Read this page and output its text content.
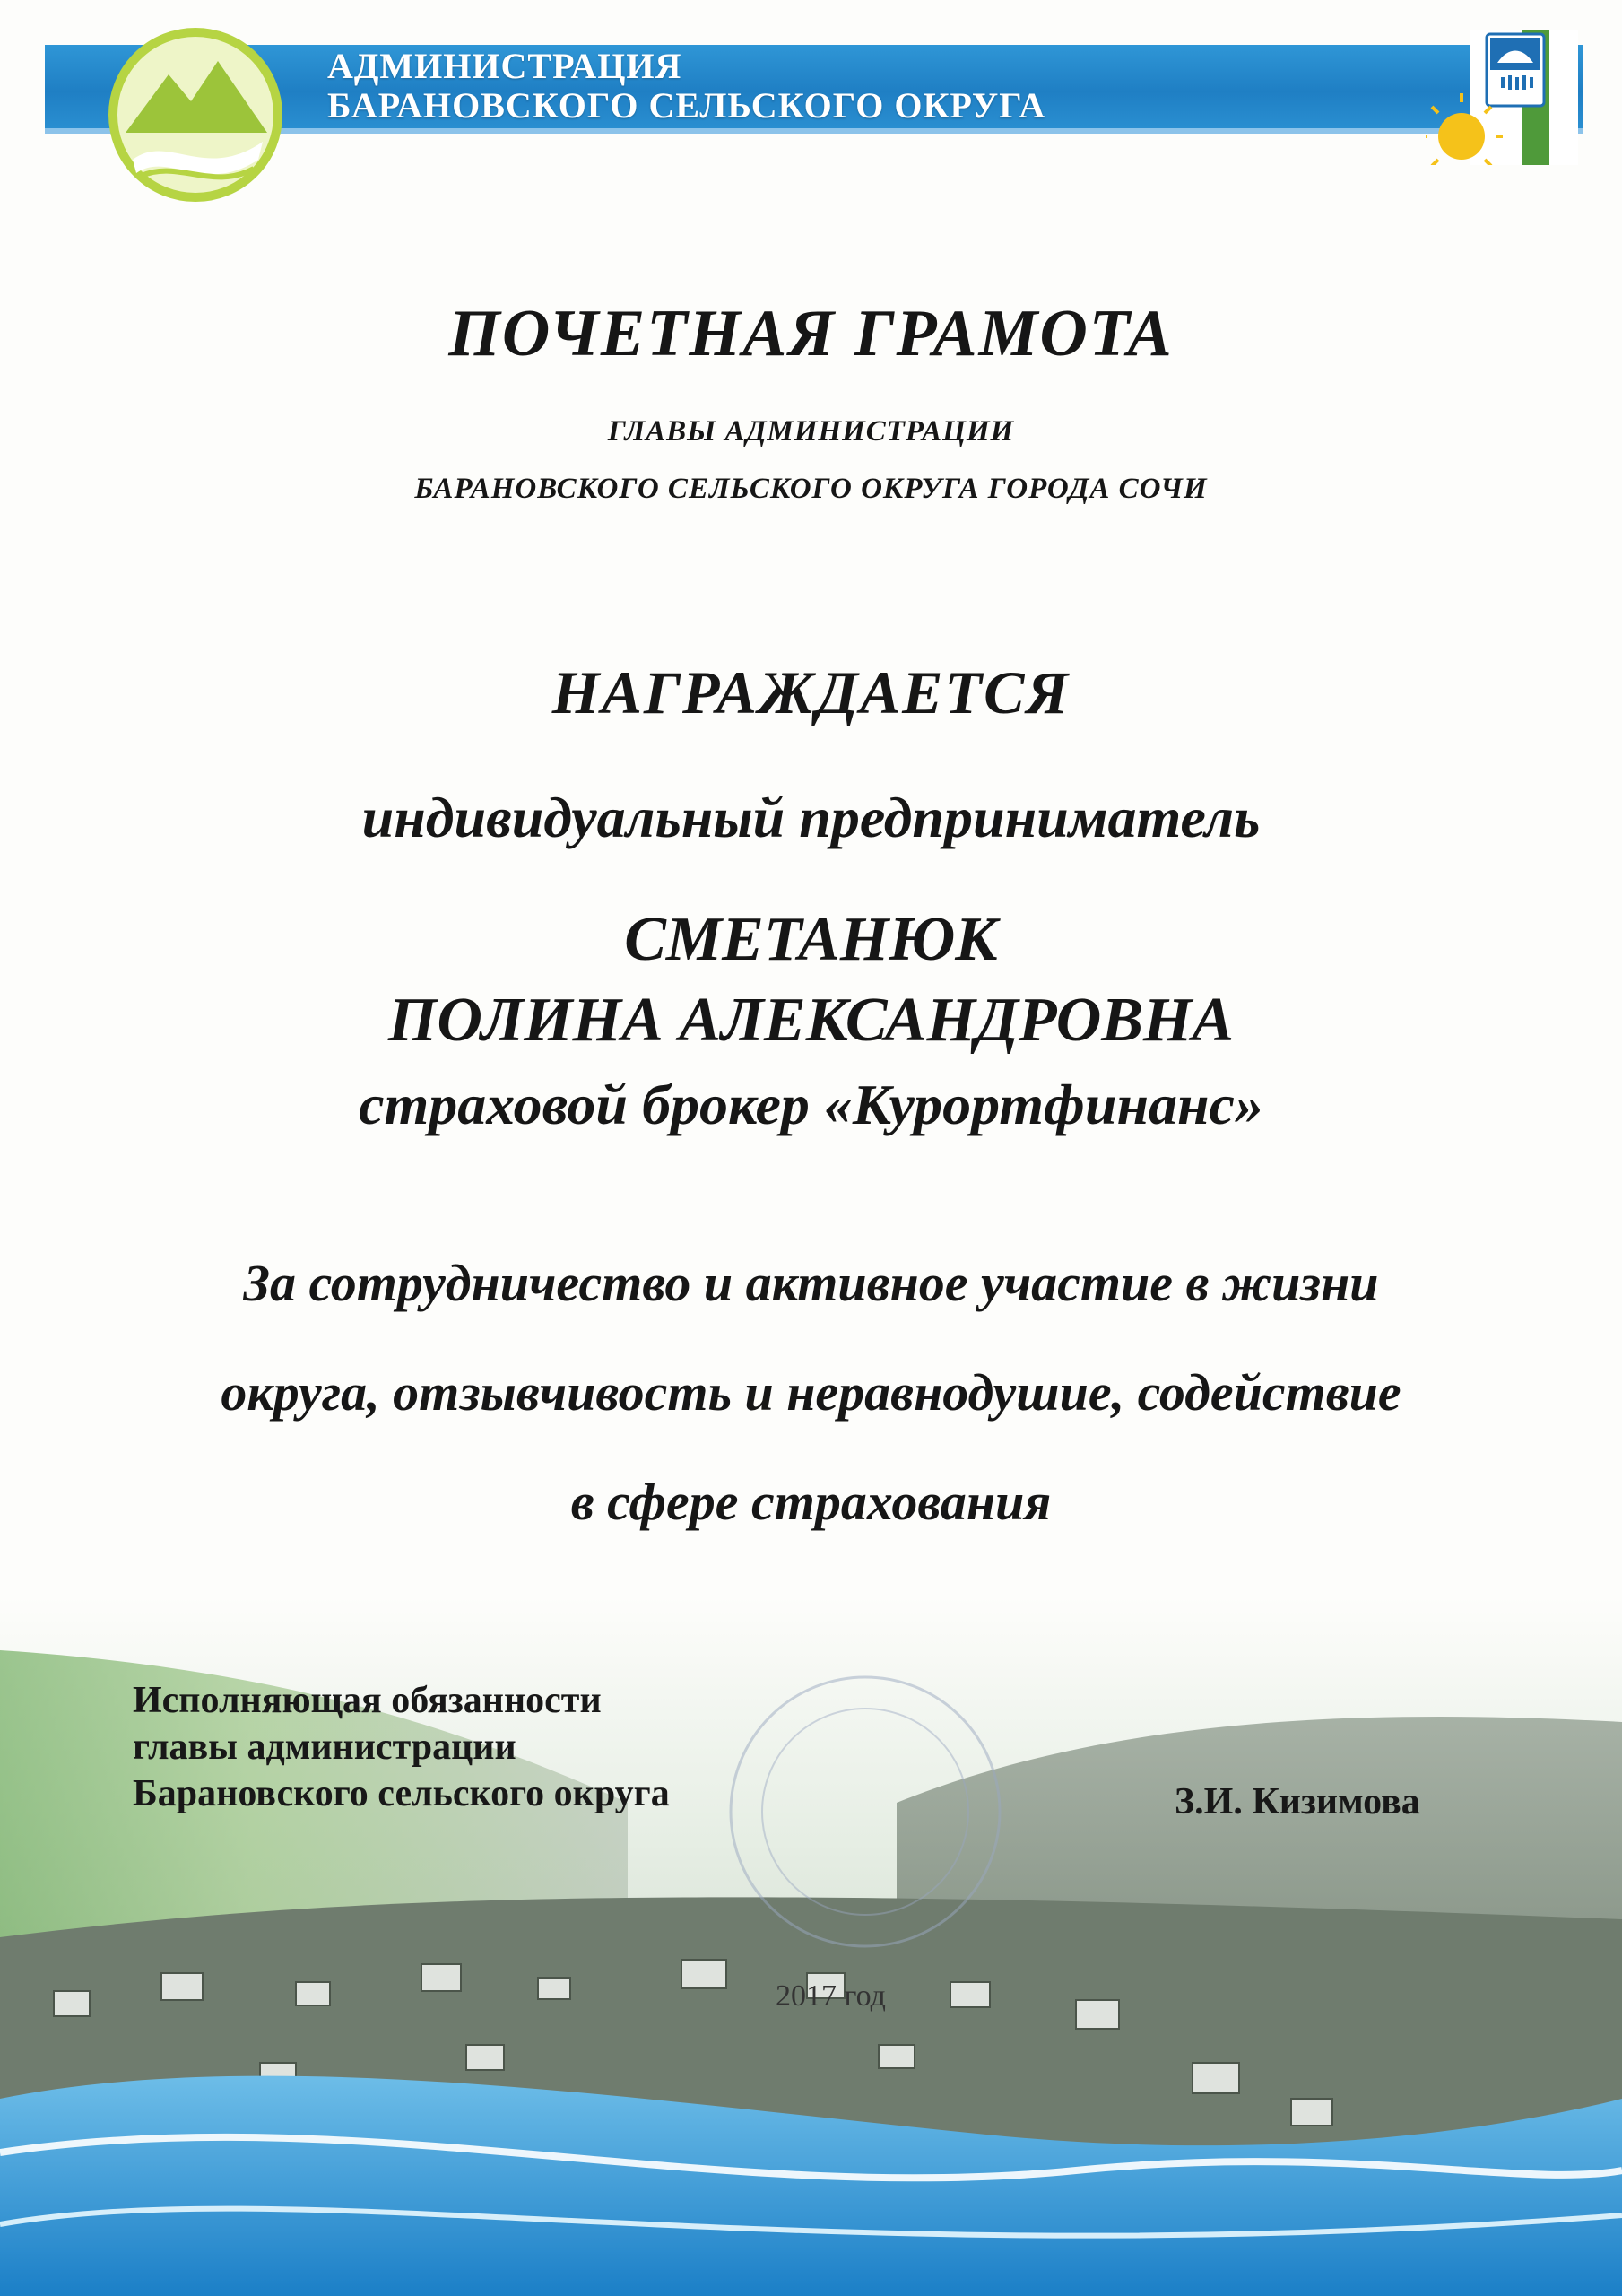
АДМИНИСТРАЦИЯ
БАРАНОВСКОГО СЕЛЬСКОГО ОКРУГА
ПОЧЕТНАЯ ГРАМОТА
ГЛАВЫ АДМИНИСТРАЦИИ
БАРАНОВСКОГО СЕЛЬСКОГО ОКРУГА ГОРОДА СОЧИ
НАГРАЖДАЕТСЯ
индивидуальный предприниматель
СМЕТАНЮК
ПОЛИНА АЛЕКСАНДРОВНА
страховой брокер «Курортфинанс»
За сотрудничество и активное участие в жизни
округа, отзывчивость и неравнодушие, содействие
в сфере страхования
Исполняющая обязанности
главы администрации
Барановского сельского округа	З.И. Кизимова
2017 год
